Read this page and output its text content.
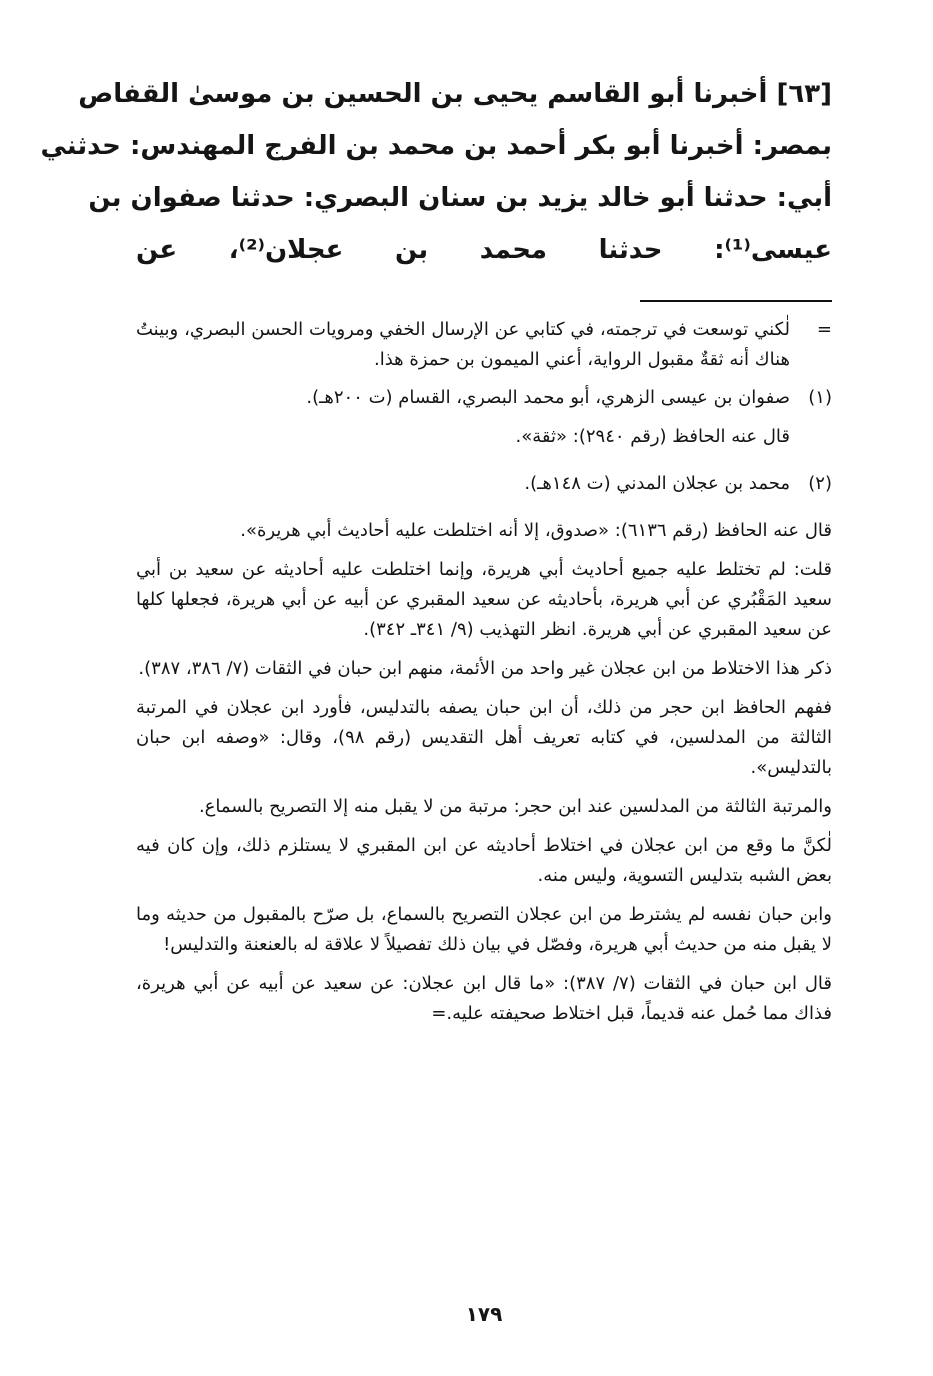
[٦٣] أخبرنا أبو القاسم يحيى بن الحسين بن موسىٰ القفاص
بمصر: أخبرنا أبو بكر أحمد بن محمد بن الفرج المهندس: حدثني
أبي: حدثنا أبو خالد يزيد بن سنان البصري: حدثنا صفوان بن
عيسى⁽¹⁾: حدثنا محمد بن عجلان⁽²⁾، عن
=

لٰكني توسعت في ترجمته، في كتابي عن الإرسال الخفي ومرويات الحسن البصري، وبينتُ هناك أنه ثقةٌ مقبول الرواية، أعني الميمون بن حمزة هذا.

(١)

صفوان بن عيسى الزهري، أبو محمد البصري، القسام (ت ٢٠٠هـ).

قال عنه الحافظ (رقم ٢٩٤٠): «ثقة».

(٢)

محمد بن عجلان المدني (ت ١٤٨هـ).

قال عنه الحافظ (رقم ٦١٣٦): «صدوق، إلا أنه اختلطت عليه أحاديث أبي هريرة».

قلت: لم تختلط عليه جميع أحاديث أبي هريرة، وإنما اختلطت عليه أحاديثه عن سعيد بن أبي سعيد المَقْبُري عن أبي هريرة، بأحاديثه عن سعيد المقبري عن أبيه عن أبي هريرة، فجعلها كلها عن سعيد المقبري عن أبي هريرة. انظر التهذيب (٩/ ٣٤١ـ ٣٤٢).

ذكر هذا الاختلاط من ابن عجلان غير واحد من الأئمة، منهم ابن حبان في الثقات (٧/ ٣٨٦، ٣٨٧).

ففهم الحافظ ابن حجر من ذلك، أن ابن حبان يصفه بالتدليس، فأورد ابن عجلان في المرتبة الثالثة من المدلسين، في كتابه تعريف أهل التقديس (رقم ٩٨)، وقال: «وصفه ابن حبان بالتدليس».

والمرتبة الثالثة من المدلسين عند ابن حجر: مرتبة من لا يقبل منه إلا التصريح بالسماع.

لٰكنَّ ما وقع من ابن عجلان في اختلاط أحاديثه عن ابن المقبري لا يستلزم ذلك، وإن كان فيه بعض الشبه بتدليس التسوية، وليس منه.

وابن حبان نفسه لم يشترط من ابن عجلان التصريح بالسماع، بل صرّح بالمقبول من حديثه وما لا يقبل منه من حديث أبي هريرة، وفصّل في بيان ذلك تفصيلاً لا علاقة له بالعنعنة والتدليس!

قال ابن حبان في الثقات (٧/ ٣٨٧): «ما قال ابن عجلان: عن سعيد عن أبيه عن أبي هريرة، فذاك مما حُمل عنه قديماً، قبل اختلاط صحيفته عليه.=

١٧٩
